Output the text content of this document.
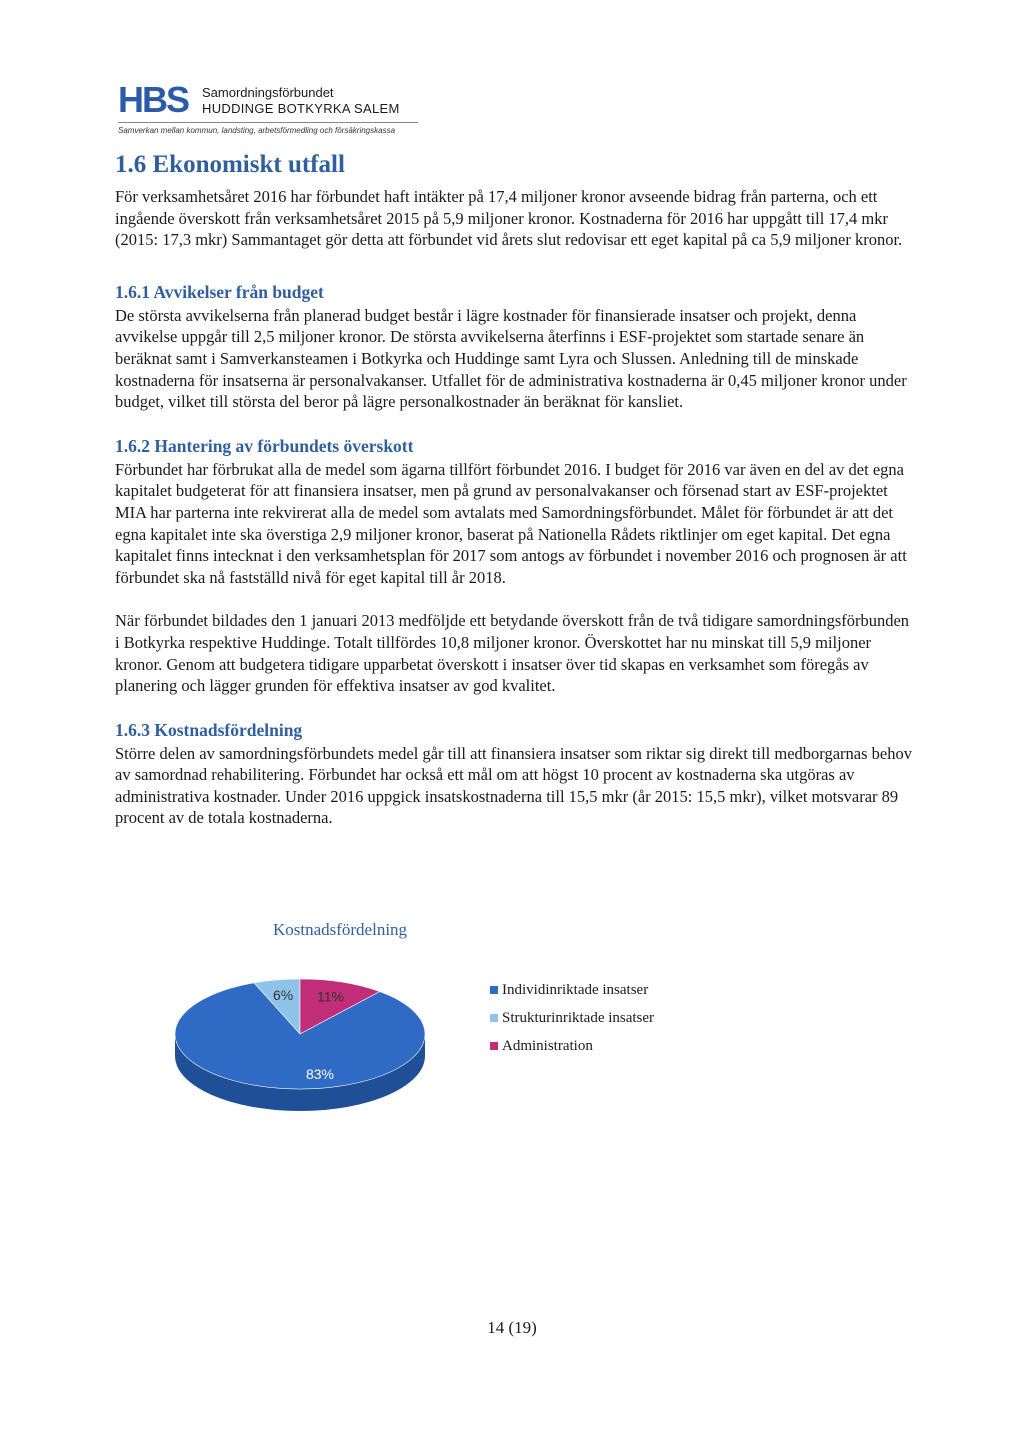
HBS Samordningsförbundet
HUDDINGE BOTKYRKA SALEM
Samverkan mellan kommun, landsting, arbetsförmedling och försäkringskassa
1.6 Ekonomiskt utfall

För verksamhetsåret 2016 har förbundet haft intäkter på 17,4 miljoner kronor avseende bidrag från parterna, och ett ingående överskott från verksamhetsåret 2015 på 5,9 miljoner kronor. Kostnaderna för 2016 har uppgått till 17,4 mkr (2015: 17,3 mkr) Sammantaget gör detta att förbundet vid årets slut redovisar ett eget kapital på ca 5,9 miljoner kronor.

1.6.1 Avvikelser från budget

De största avvikelserna från planerad budget består i lägre kostnader för finansierade insatser och projekt, denna avvikelse uppgår till 2,5 miljoner kronor. De största avvikelserna återfinns i ESF-projektet som startade senare än beräknat samt i Samverkansteamen i Botkyrka och Huddinge samt Lyra och Slussen. Anledning till de minskade kostnaderna för insatserna är personalvakanser. Utfallet för de administrativa kostnaderna är 0,45 miljoner kronor under budget, vilket till största del beror på lägre personalkostnader än beräknat för kansliet.

1.6.2 Hantering av förbundets överskott

Förbundet har förbrukat alla de medel som ägarna tillfört förbundet 2016. I budget för 2016 var även en del av det egna kapitalet budgeterat för att finansiera insatser, men på grund av personalvakanser och försenad start av ESF-projektet MIA har parterna inte rekvirerat alla de medel som avtalats med Samordningsförbundet. Målet för förbundet är att det egna kapitalet inte ska överstiga 2,9 miljoner kronor, baserat på Nationella Rådets riktlinjer om eget kapital. Det egna kapitalet finns intecknat i den verksamhetsplan för 2017 som antogs av förbundet i november 2016 och prognosen är att förbundet ska nå fastställd nivå för eget kapital till år 2018.

När förbundet bildades den 1 januari 2013 medföljde ett betydande överskott från de två tidigare samordningsförbunden i Botkyrka respektive Huddinge. Totalt tillfördes 10,8 miljoner kronor. Överskottet har nu minskat till 5,9 miljoner kronor. Genom att budgetera tidigare upparbetat överskott i insatser över tid skapas en verksamhet som föregås av planering och lägger grunden för effektiva insatser av god kvalitet.

1.6.3 Kostnadsfördelning

Större delen av samordningsförbundets medel går till att finansiera insatser som riktar sig direkt till medborgarnas behov av samordnad rehabilitering. Förbundet har också ett mål om att högst 10 procent av kostnaderna ska utgöras av administrativa kostnader. Under 2016 uppgick insatskostnaderna till 15,5 mkr (år 2015: 15,5 mkr), vilket motsvarar 89 procent av de totala kostnaderna.

Kostnadsfördelning
6% 11%
83%
Individinriktade insatser
Strukturinriktade insatser
Administration
14 (19)
